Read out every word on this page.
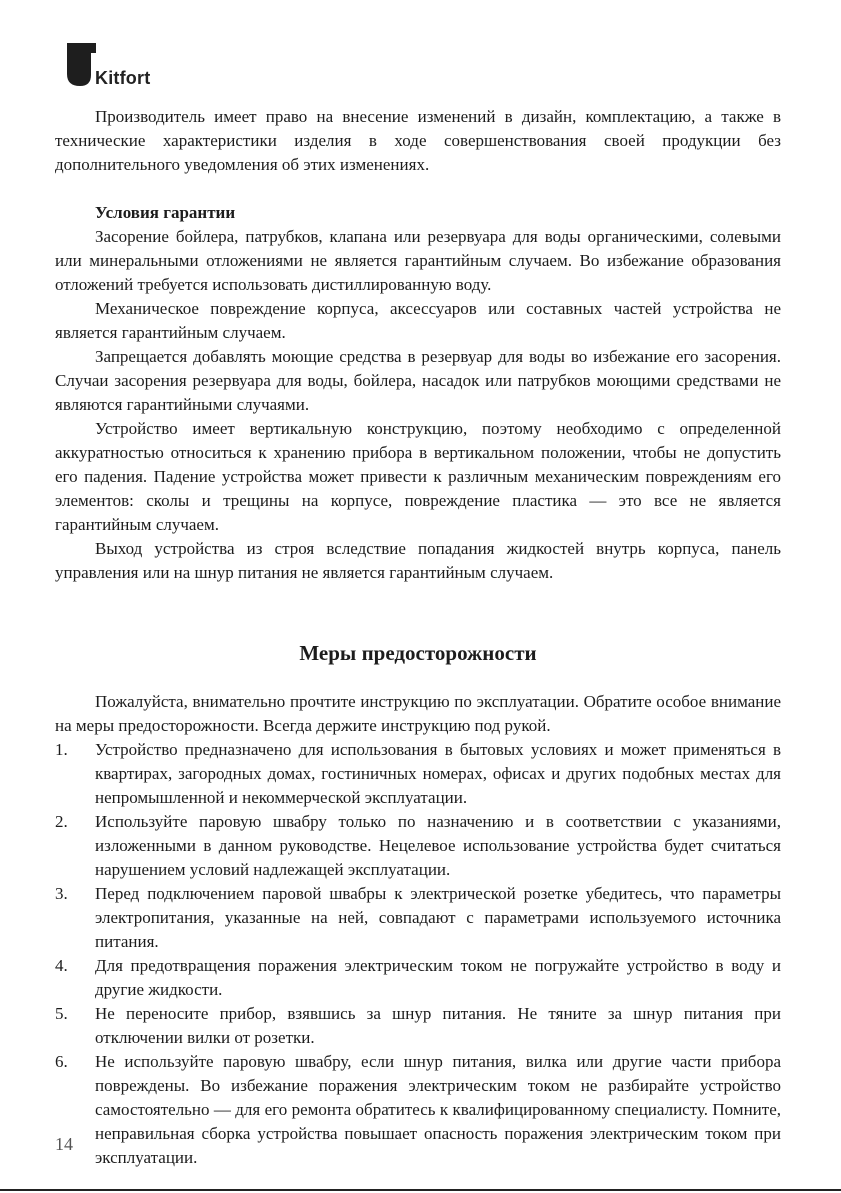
Kitfort

Производитель имеет право на внесение изменений в дизайн, комплектацию, а также в технические характеристики изделия в ходе совершенствования своей продукции без дополнительного уведомления об этих изменениях.

Условия гарантии

Засорение бойлера, патрубков, клапана или резервуара для воды органическими, солевыми или минеральными отложениями не является гарантийным случаем. Во избежание образования отложений требуется использовать дистиллированную воду.

Механическое повреждение корпуса, аксессуаров или составных частей устройства не является гарантийным случаем.

Запрещается добавлять моющие средства в резервуар для воды во избежание его засорения. Случаи засорения резервуара для воды, бойлера, насадок или патрубков моющими средствами не являются гарантийными случаями.

Устройство имеет вертикальную конструкцию, поэтому необходимо с определенной аккуратностью относиться к хранению прибора в вертикальном положении, чтобы не допустить его падения. Падение устройства может привести к различным механическим повреждениям его элементов: сколы и трещины на корпусе, повреждение пластика — это все не является гарантийным случаем.

Выход устройства из строя вследствие попадания жидкостей внутрь корпуса, панель управления или на шнур питания не является гарантийным случаем.

Меры предосторожности

Пожалуйста, внимательно прочтите инструкцию по эксплуатации. Обратите особое внимание на меры предосторожности. Всегда держите инструкцию под рукой.

1. Устройство предназначено для использования в бытовых условиях и может применяться в квартирах, загородных домах, гостиничных номерах, офисах и других подобных местах для непромышленной и некоммерческой эксплуатации.
2. Используйте паровую швабру только по назначению и в соответствии с указаниями, изложенными в данном руководстве. Нецелевое использование устройства будет считаться нарушением условий надлежащей эксплуатации.
3. Перед подключением паровой швабры к электрической розетке убедитесь, что параметры электропитания, указанные на ней, совпадают с параметрами используемого источника питания.
4. Для предотвращения поражения электрическим током не погружайте устройство в воду и другие жидкости.
5. Не переносите прибор, взявшись за шнур питания. Не тяните за шнур питания при отключении вилки от розетки.
6. Не используйте паровую швабру, если шнур питания, вилка или другие части прибора повреждены. Во избежание поражения электрическим током не разбирайте устройство самостоятельно — для его ремонта обратитесь к квалифицированному специалисту. Помните, неправильная сборка устройства повышает опасность поражения электрическим током при эксплуатации.
14
